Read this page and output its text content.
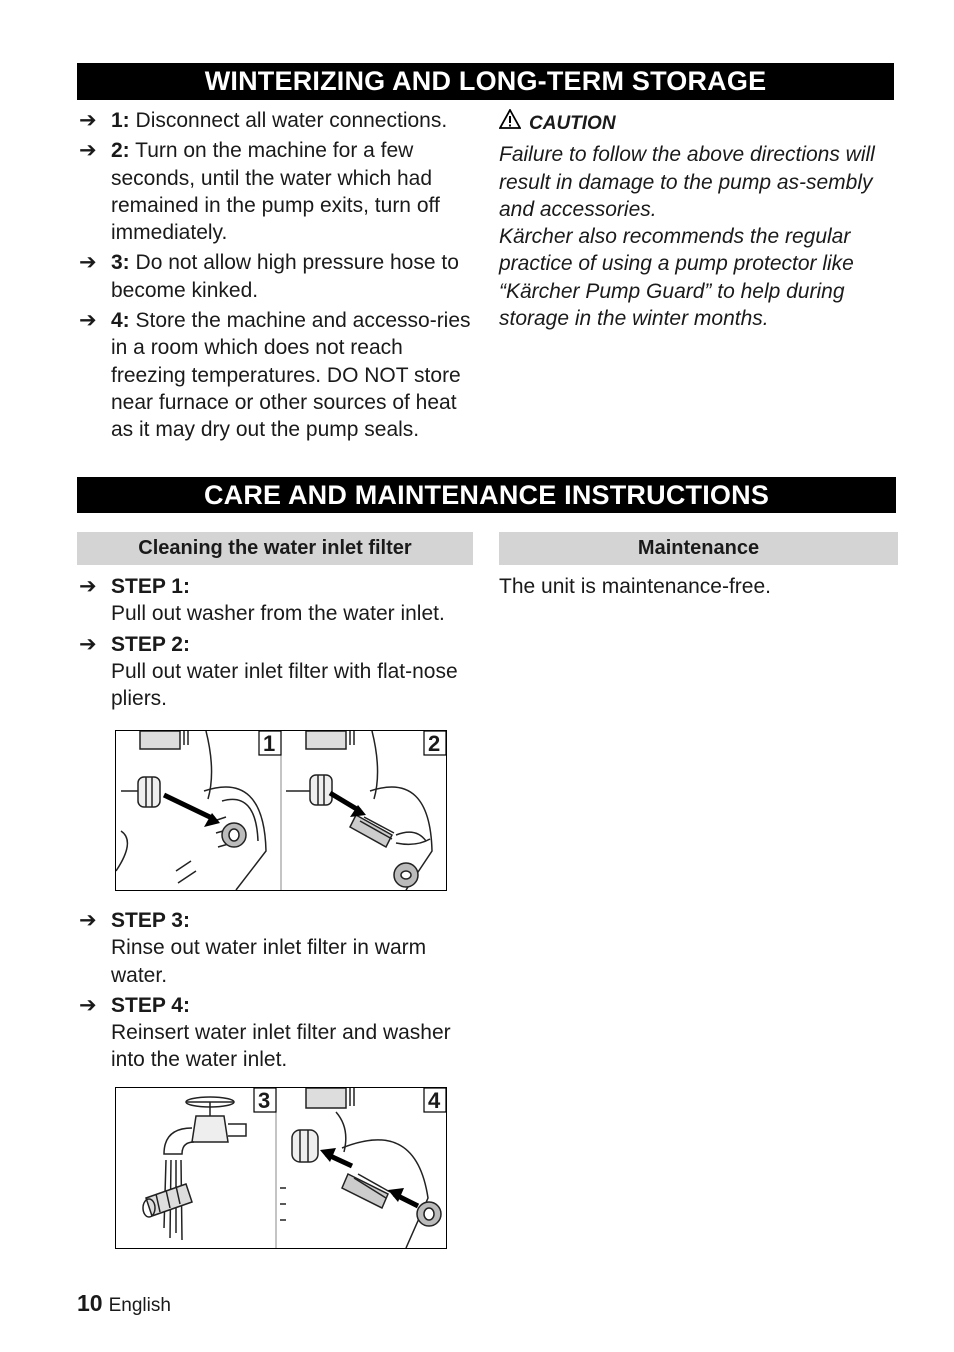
WINTERIZING AND LONG-TERM STORAGE
➔ 1: Disconnect all water connections.
➔ 2: Turn on the machine for a few seconds, until the water which had remained in the pump exits, turn off immediately.
➔ 3: Do not allow high pressure hose to become kinked.
➔ 4: Store the machine and accesso-ries in a room which does not reach freezing temperatures. DO NOT store near furnace or other sources of heat as it may dry out the pump seals.
CAUTION
Failure to follow the above directions will result in damage to the pump as-sembly and accessories.
Kärcher also recommends the regular practice of using a pump protector like “Kärcher Pump Guard” to help during storage in the winter months.
CARE AND MAINTENANCE INSTRUCTIONS
Cleaning the water inlet filter	Maintenance
➔ STEP 1:
Pull out washer from the water inlet.
➔ STEP 2:
Pull out water inlet filter with flat-nose pliers.
The unit is maintenance-free.
1	2
➔ STEP 3:
Rinse out water inlet filter in warm water.
➔ STEP 4:
Reinsert water inlet filter and washer into the water inlet.
3	4
10 English
